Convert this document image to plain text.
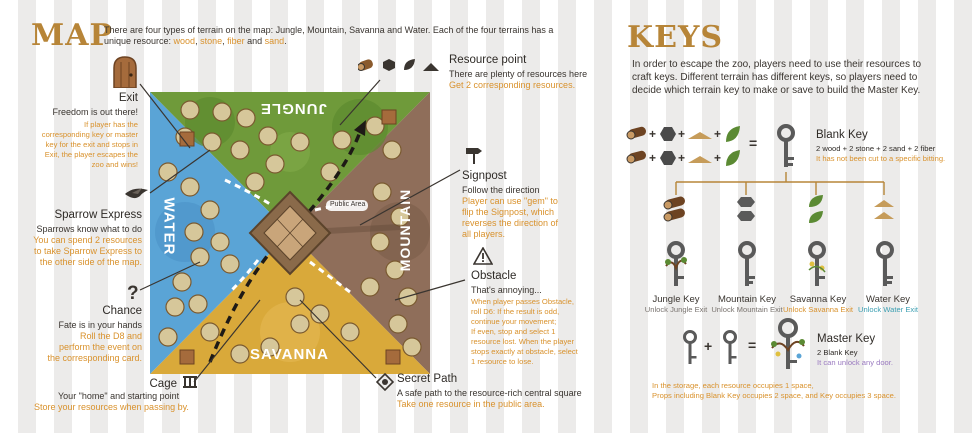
MAP
There are four types of terrain on the map: Jungle, Mountain, Savanna and Water. Each of the four terrains has a
unique resource: wood, stone, fiber and sand.
Exit
Freedom is out there!
If player has the
corresponding key or master
key for the exit and stops in
Exit, the player escapes the
zoo and wins!
Sparrow Express
Sparrows know what to do
You can spend 2 resources
to take Sparrow Express to
the other side of the map.
?
Chance
Fate is in your hands
Roll the D8 and
perform the event on
the corresponding card.
Cage
Your "home" and starting point
Store your resources when passing by.
JUNGLE
WATER	MOUNTAIN
SAVANNA
Public Area
Resource point
There are plenty of resources here
Get 2 corresponding resources.
Signpost
Follow the direction
Player can use "gem" to
flip the Signpost, which
reverses the direction of
all players.
Obstacle
That's annoying...
When player passes Obstacle,
roll D6: If the result is odd,
continue your movement;
If even, stop and select 1
resource lost. When the player
stops exactly at obstacle, select
1 resource to lose.
Secret Path
A safe path to the resource-rich central square
Take one resource in the public area.
KEYS
In order to escape the zoo, players need to use their resources to
craft keys. Different terrain has different keys, so players need to
decide which terrain key to make or save to build the Master Key.
+
+
+
+
+
+
=	Blank Key
2 wood + 2 stone + 2 sand + 2 fiber
It has not been cut to a specific bitting.
Jungle Key
Unlock Jungle Exit
Mountain Key
Unlock Mountain Exit
Savanna Key
Unlock Savanna Exit
Water Key
Unlock Water Exit
+	=	Master Key
2 Blank Key
It can unlock any door.
In the storage, each resource occupies 1 space,
Props including Blank Key occupies 2 space, and Key occupies 3 space.
